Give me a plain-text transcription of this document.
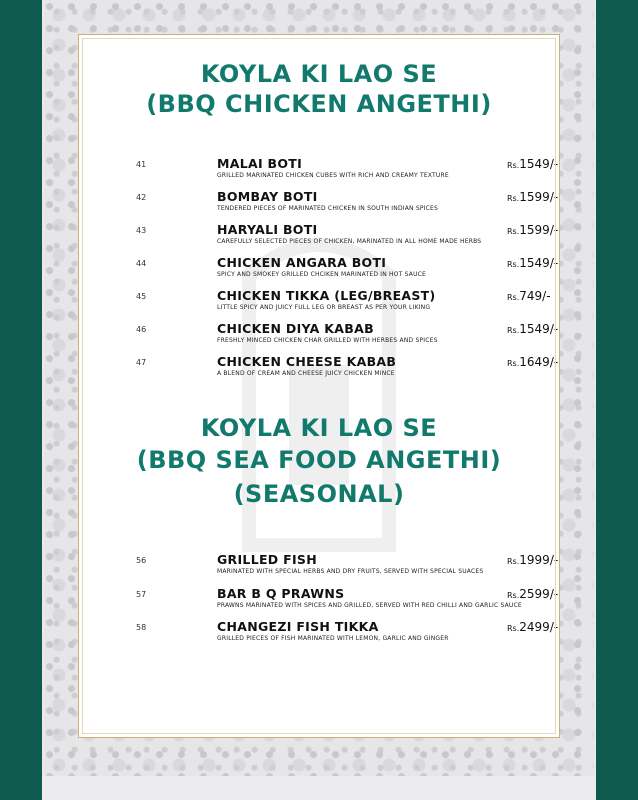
KOYLA KI LAO SE
(BBQ CHICKEN ANGETHI)
41	MALAI BOTI
GRILLED MARINATED CHICKEN CUBES WITH RICH AND CREAMY TEXTURE
Rs.1549/-
42	BOMBAY BOTI
TENDERED PIECES OF MARINATED CHICKEN IN SOUTH INDIAN SPICES
Rs.1599/-
43	HARYALI BOTI
CAREFULLY SELECTED PIECES OF CHICKEN, MARINATED IN ALL HOME MADE HERBS
Rs.1599/-
44	CHICKEN ANGARA BOTI
SPICY AND SMOKEY GRILLED CHCIKEN MARINATED IN HOT SAUCE
Rs.1549/-
45	CHICKEN TIKKA (LEG/BREAST)
LITTLE SPICY AND JUICY FULL LEG OR BREAST AS PER YOUR LIKING
Rs.749/-
46	CHICKEN DIYA KABAB
FRESHLY MINCED CHICKEN CHAR GRILLED WITH HERBES AND SPICES
Rs.1549/-
47	CHICKEN CHEESE KABAB
A BLEND OF CREAM AND CHEESE JUICY CHICKEN MINCE
Rs.1649/-
KOYLA KI LAO SE
(BBQ SEA FOOD ANGETHI)
(SEASONAL)
56	GRILLED FISH
MARINATED WITH SPECIAL HERBS AND DRY FRUITS, SERVED WITH SPECIAL SUACES
Rs.1999/-
57	BAR B Q PRAWNS
PRAWNS MARINATED WITH SPICES AND GRILLED, SERVED WITH RED CHILLI AND GARLIC SAUCE
Rs.2599/-
58	CHANGEZI FISH TIKKA
GRILLED PIECES OF FISH MARINATED WITH LEMON, GARLIC AND GINGER
Rs.2499/-
